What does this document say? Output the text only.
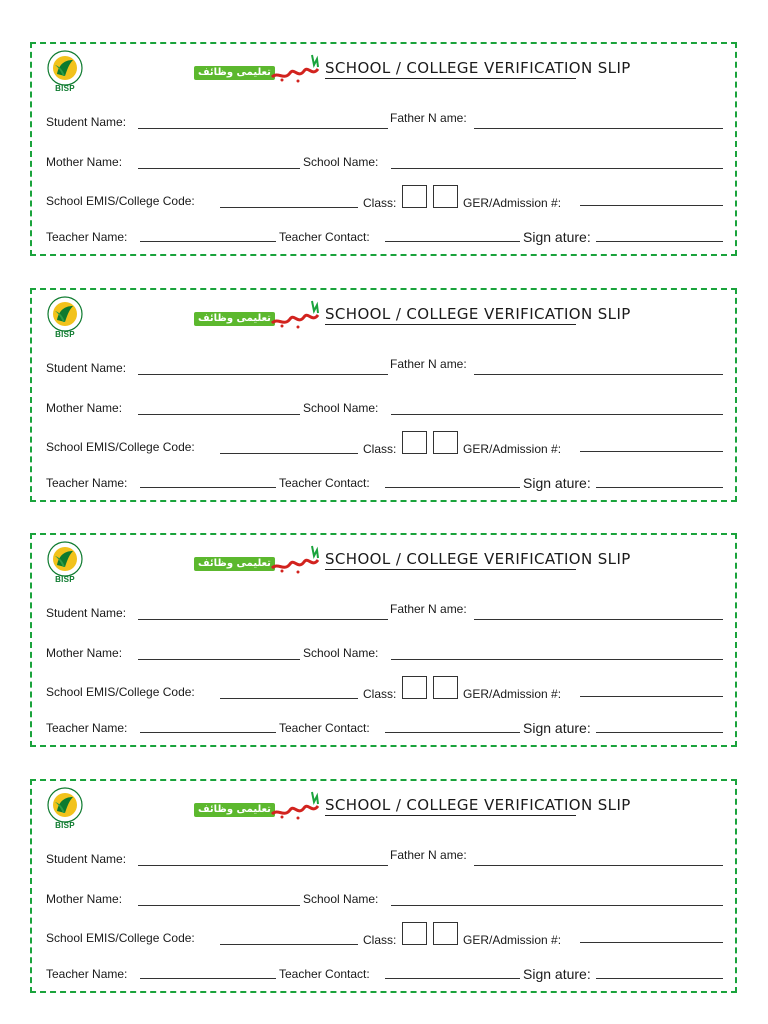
BISP
تعلیمی وظائف	SCHOOL / COLLEGE VERIFICATION SLIP
Student Name:	Father N ame:
Mother Name:	School Name:
School EMIS/College Code:	Class:	GER/Admission #:
Teacher Name:	Teacher Contact:	Sign ature:
BISP
تعلیمی وظائف	SCHOOL / COLLEGE VERIFICATION SLIP
Student Name:	Father N ame:
Mother Name:	School Name:
School EMIS/College Code:	Class:	GER/Admission #:
Teacher Name:	Teacher Contact:	Sign ature:
BISP
تعلیمی وظائف	SCHOOL / COLLEGE VERIFICATION SLIP
Student Name:	Father N ame:
Mother Name:	School Name:
School EMIS/College Code:	Class:	GER/Admission #:
Teacher Name:	Teacher Contact:	Sign ature:
BISP
تعلیمی وظائف	SCHOOL / COLLEGE VERIFICATION SLIP
Student Name:	Father N ame:
Mother Name:	School Name:
School EMIS/College Code:	Class:	GER/Admission #:
Teacher Name:	Teacher Contact:	Sign ature:
